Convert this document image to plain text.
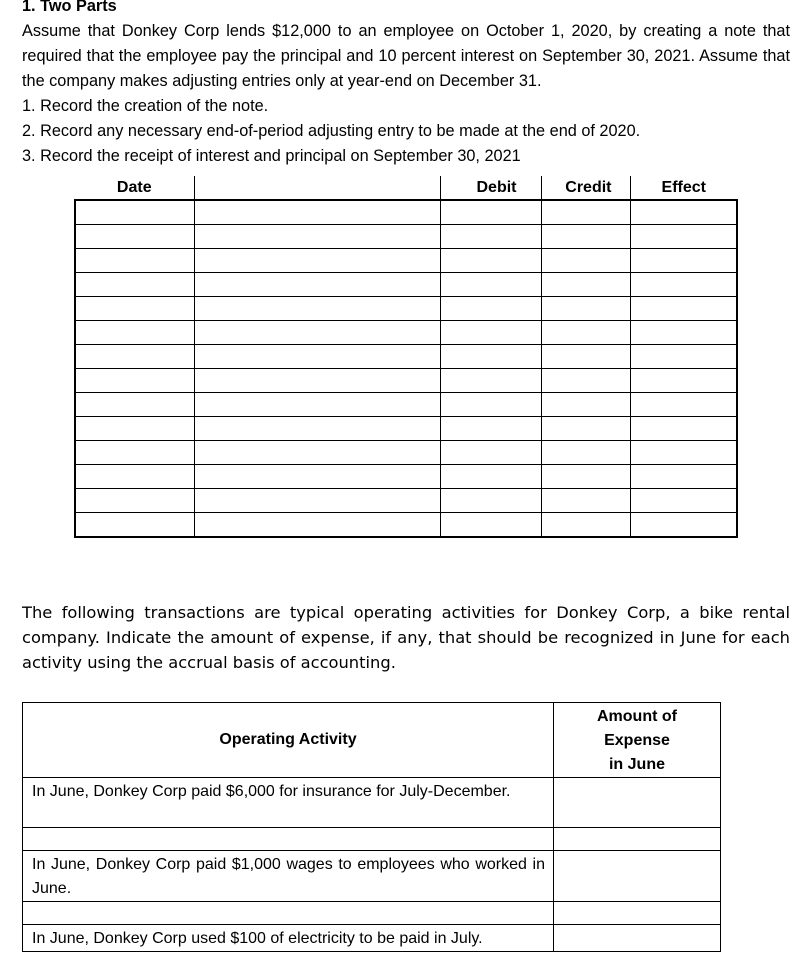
1. Two Parts

Assume that Donkey Corp lends $12,000 to an employee on October 1, 2020, by creating a note that required that the employee pay the principal and 10 percent interest on September 30, 2021. Assume that the company makes adjusting entries only at year-end on December 31.

1. Record the creation of the note.

2. Record any necessary end-of-period adjusting entry to be made at the end of 2020.

3. Record the receipt of interest and principal on September 30, 2021

Date		Debit	Credit	Effect

The following transactions are typical operating activities for Donkey Corp, a bike rental company. Indicate the amount of expense, if any, that should be recognized in June for each activity using the accrual basis of accounting.
Operating Activity	Amount of
Expense
in June

In June, Donkey Corp paid $6,000 for insurance for July-December.	

In June, Donkey Corp paid $1,000 wages to employees who worked in June.	

In June, Donkey Corp used $100 of electricity to be paid in July.	
